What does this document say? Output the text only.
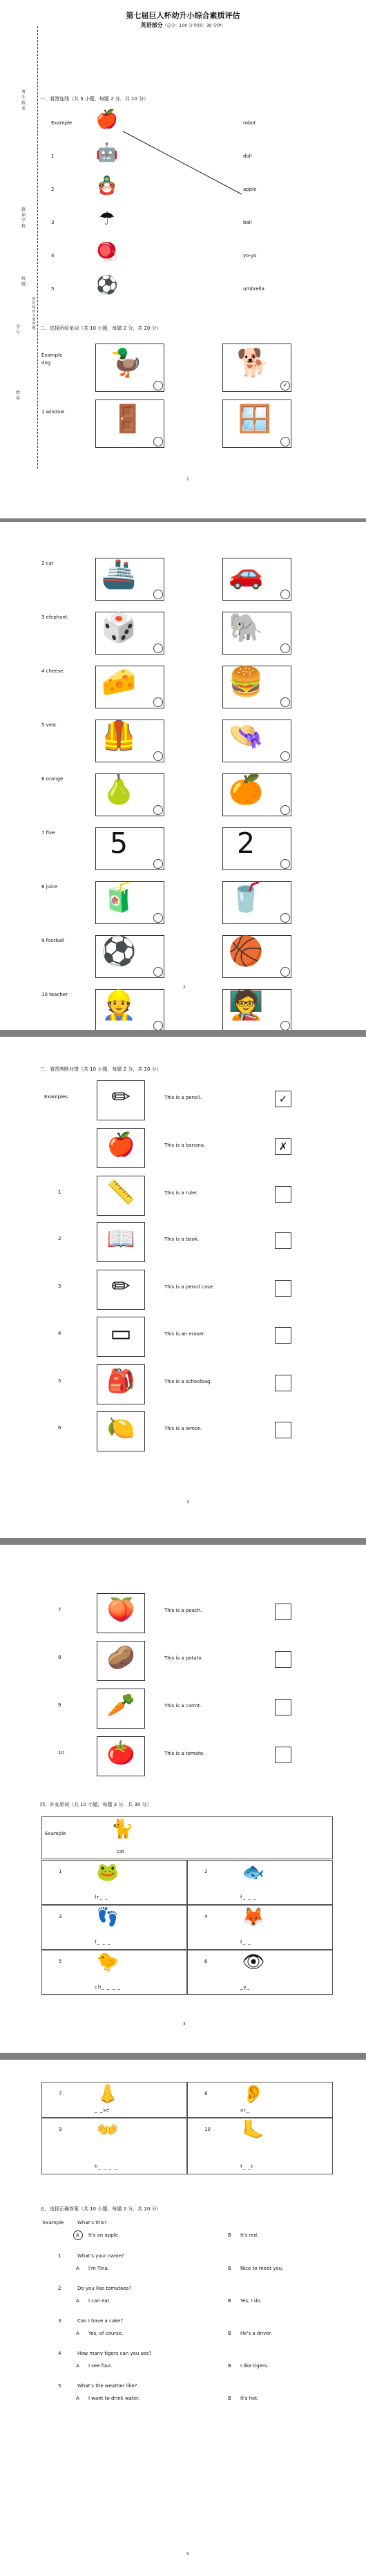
第七届巨人杯幼升小综合素质评估
英语部分（总分：100 分 时间：30 分钟）
考生姓名
就读学校
班级
学号
姓名
密封线内不要答题
一、看图连线（共 5 小题，每题 2 分，共 10 分）
二、选择所给单词（共 10 小题，每题 2 分，共 20 分）
1
Example 🍎	robot
1 🤖	doll
2 🪆	apple
3 ☂	ball
4 🪀	yo-yo
5 ⚽	umbrella
Example
dog 🦆	🐕
✓
1 window 🚪	🪟
2
2 car 🚢	🚗
3 elephant 🎲	🐘
4 cheese 🧀	🍔
5 vest 🦺	👒
6 orange 🍐	🍊
7 five	5	2
8 juice 🧃	🥤
9 football ⚽	🏀
10 teacher 👷	🧑‍🏫
三、看图判断对错（共 10 小题，每题 2 分，共 20 分）
3
Examples ✏	This is a pencil.	✓
🍎	This is a banana.	✗
1 📏	This is a ruler.
2 📖	This is a book.
3 ✏	This is a pencil case.
4 ▭	This is an eraser.
5 🎒	This is a schoolbag.
6 🍋	This is a lemon.
四、补充单词（共 10 小题，每题 3 分，共 30 分）
4
7 🍑	This is a peach.
8 🥔	This is a potato.
9 🥕	This is a carrot.
10 🍅	This is a tomato.
Example 🐈
cat
1 🐸
fr_ _
2 🐟
f_ _ _
3 👣
f_ _ _
4 🦊
f_ _
5 🐤
ch_ _ _ _
6 👁
_y_
五、选择正确答案（共 10 小题，每题 2 分，共 20 分）
5
7 👃
_ _se
8 👂
ar_
9 👐
h_ _ _ _
10 🦶
f_ _t
Example	What's this?
A It's an apple.	B It's red.
1	What's your name?
A I'm Tina.	B Nice to meet you.
2	Do you like tomatoes?
A I can eat.	B Yes, I do.
3	Can I have a cake?
A Yes, of course.	B He's a driver.
4	How many tigers can you see?
A I see four.	B I like tigers.
5	What's the weather like?
A I want to drink water.	B It's hot.
